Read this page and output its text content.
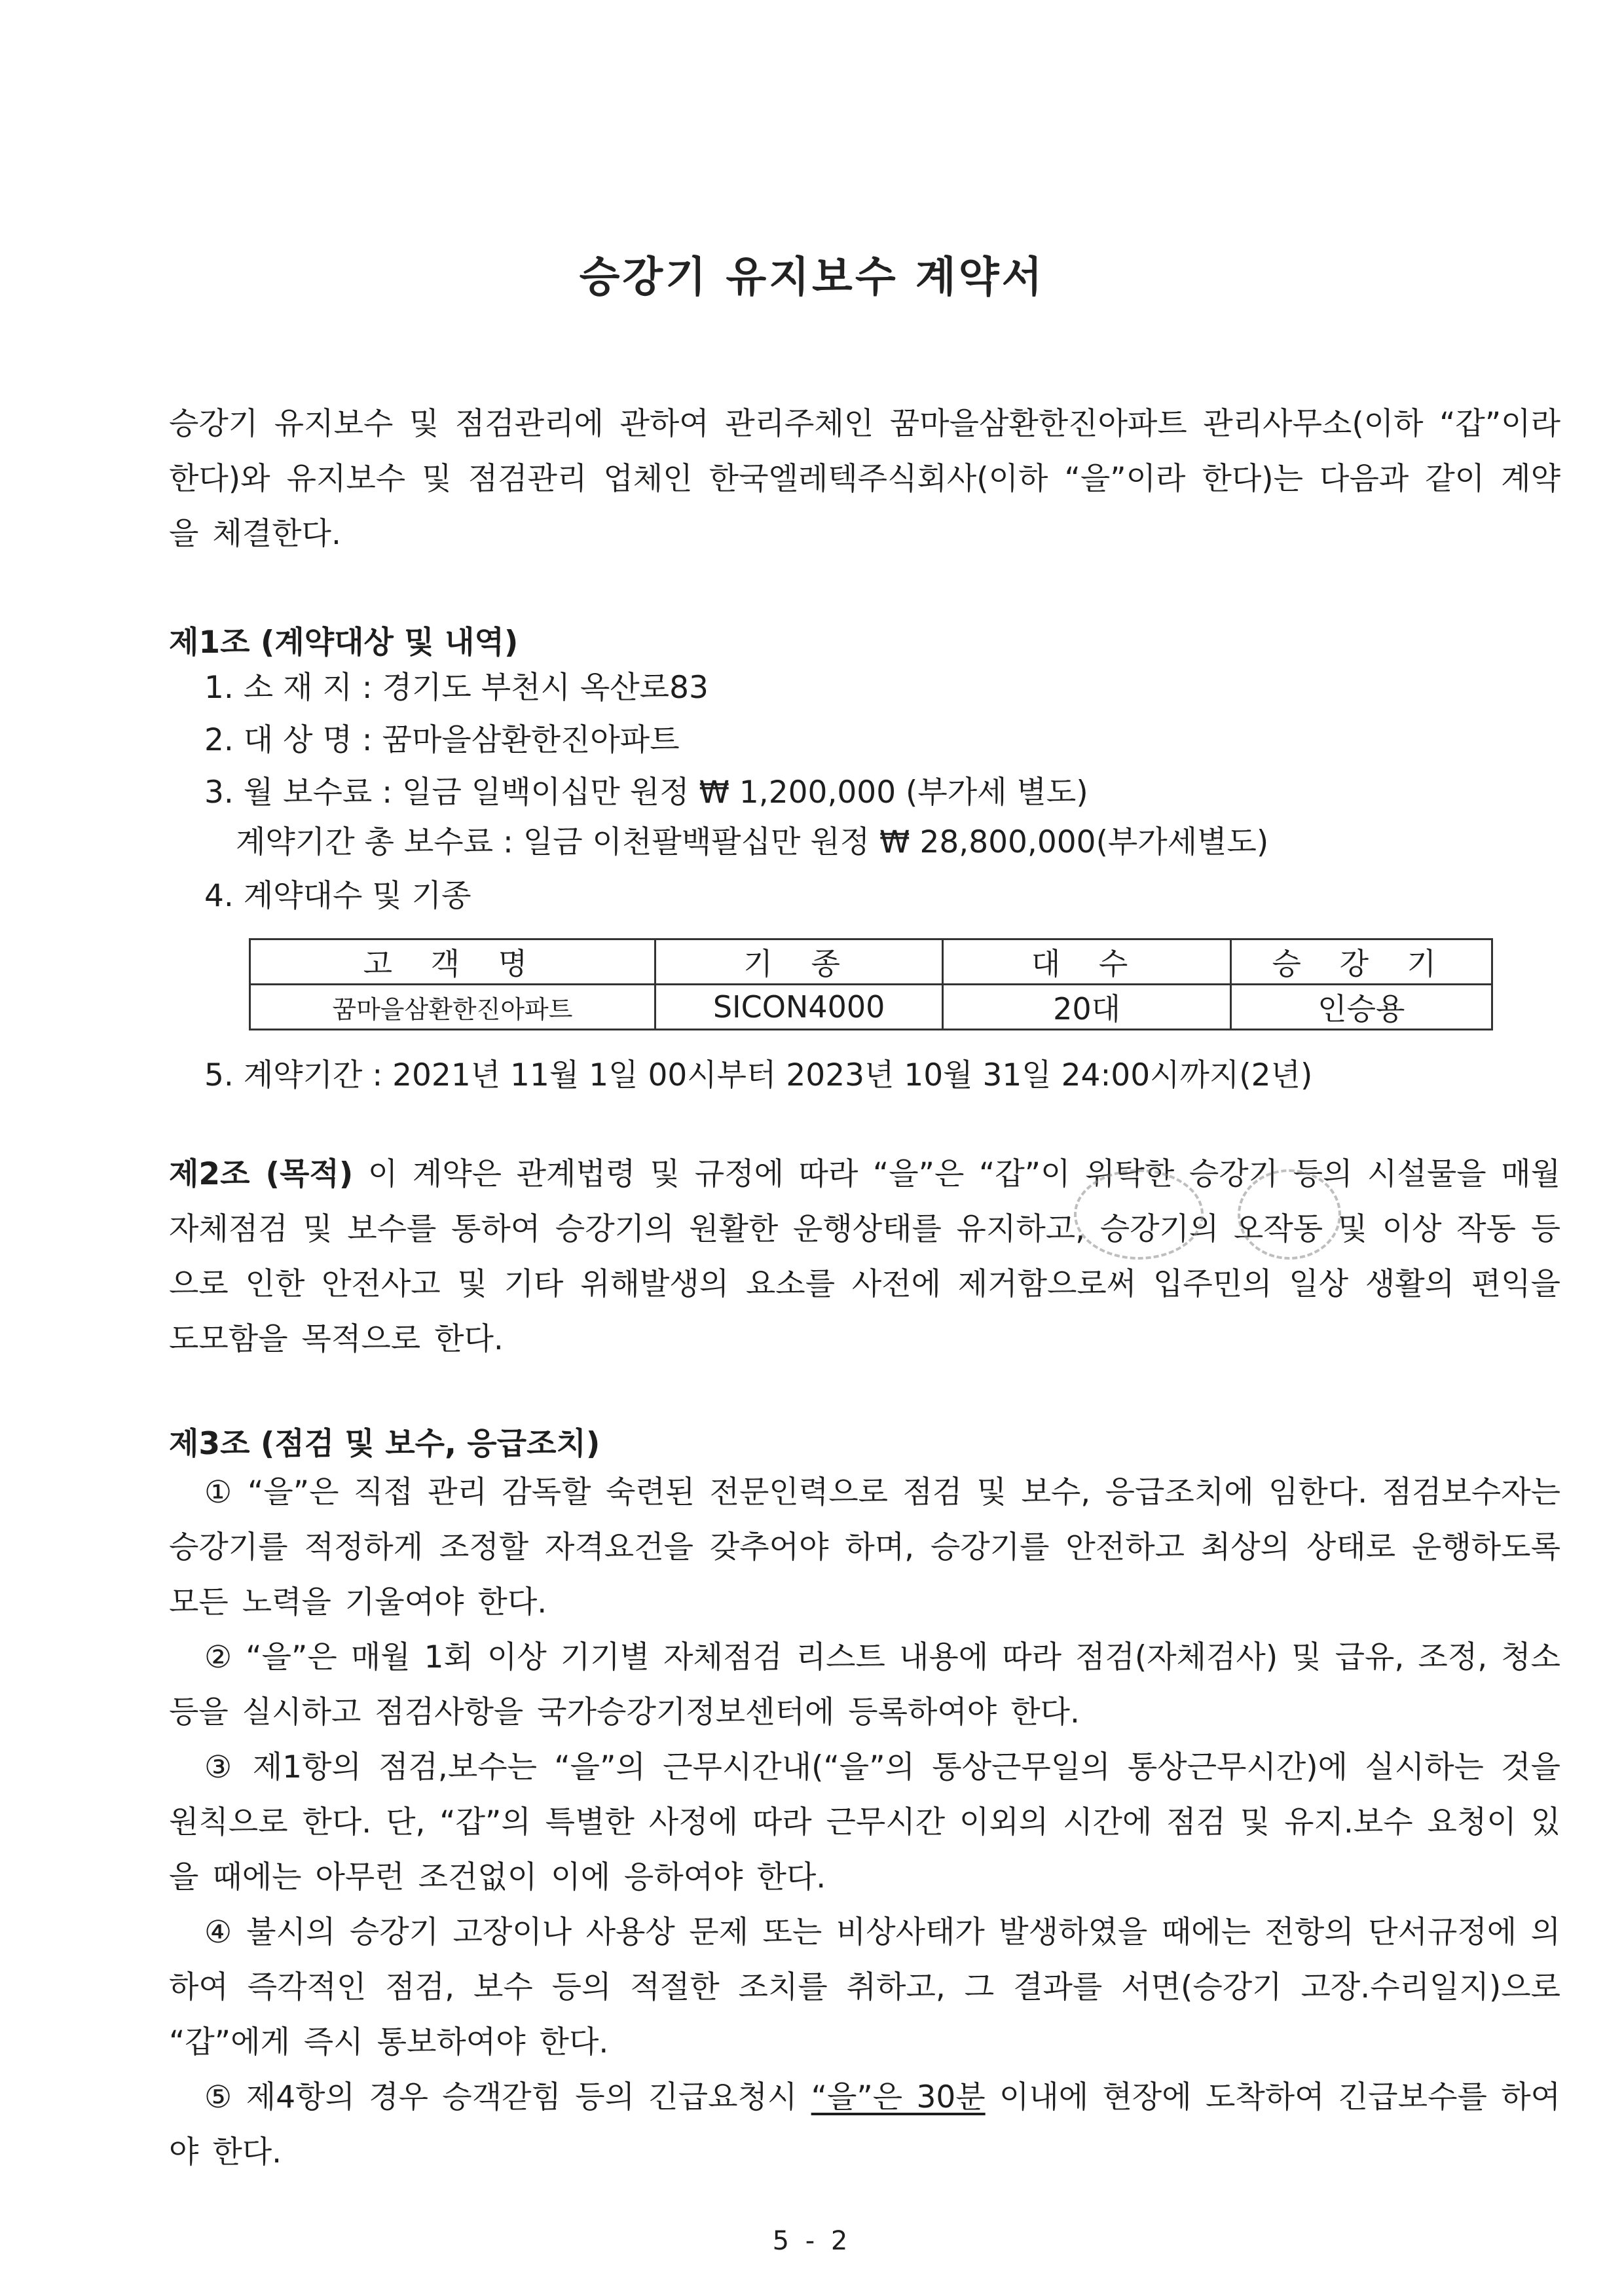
승강기 유지보수 계약서
승강기 유지보수 및 점검관리에 관하여 관리주체인 꿈마을삼환한진아파트 관리사무소(이하 “갑”이라 한다)와 유지보수 및 점검관리 업체인 한국엘레텍주식회사(이하 “을”이라 한다)는 다음과 같이 계약을 체결한다.
제1조 (계약대상 및 내역)
1. 소 재 지 : 경기도 부천시 옥산로83
2. 대 상 명 : 꿈마을삼환한진아파트
3. 월 보수료 : 일금 일백이십만 원정 ₩ 1,200,000 (부가세 별도)
계약기간 총 보수료 : 일금 이천팔백팔십만 원정 ₩ 28,800,000(부가세별도)
4. 계약대수 및 기종
고 객 명	기 종	대 수	승 강 기
꿈마을삼환한진아파트	SICON4000	20대	인승용
5. 계약기간 : 2021년 11월 1일 00시부터 2023년 10월 31일 24:00시까지(2년)
제2조 (목적) 이 계약은 관계법령 및 규정에 따라 “을”은 “갑”이 위탁한 승강기 등의 시설물을 매월 자체점검 및 보수를 통하여 승강기의 원활한 운행상태를 유지하고, 승강기의 오작동 및 이상 작동 등으로 인한 안전사고 및 기타 위해발생의 요소를 사전에 제거함으로써 입주민의 일상 생활의 편익을 도모함을 목적으로 한다.
제3조 (점검 및 보수, 응급조치)
① “을”은 직접 관리 감독할 숙련된 전문인력으로 점검 및 보수, 응급조치에 임한다. 점검보수자는 승강기를 적정하게 조정할 자격요건을 갖추어야 하며, 승강기를 안전하고 최상의 상태로 운행하도록 모든 노력을 기울여야 한다.
② “을”은 매월 1회 이상 기기별 자체점검 리스트 내용에 따라 점검(자체검사) 및 급유, 조정, 청소 등을 실시하고 점검사항을 국가승강기정보센터에 등록하여야 한다.
③ 제1항의 점검,보수는 “을”의 근무시간내(“을”의 통상근무일의 통상근무시간)에 실시하는 것을 원칙으로 한다. 단, “갑”의 특별한 사정에 따라 근무시간 이외의 시간에 점검 및 유지.보수 요청이 있을 때에는 아무런 조건없이 이에 응하여야 한다.
④ 불시의 승강기 고장이나 사용상 문제 또는 비상사태가 발생하였을 때에는 전항의 단서규정에 의하여 즉각적인 점검, 보수 등의 적절한 조치를 취하고, 그 결과를 서면(승강기 고장.수리일지)으로 “갑”에게 즉시 통보하여야 한다.
⑤ 제4항의 경우 승객갇힘 등의 긴급요청시 “을”은 30분 이내에 현장에 도착하여 긴급보수를 하여야 한다.
5 - 2
